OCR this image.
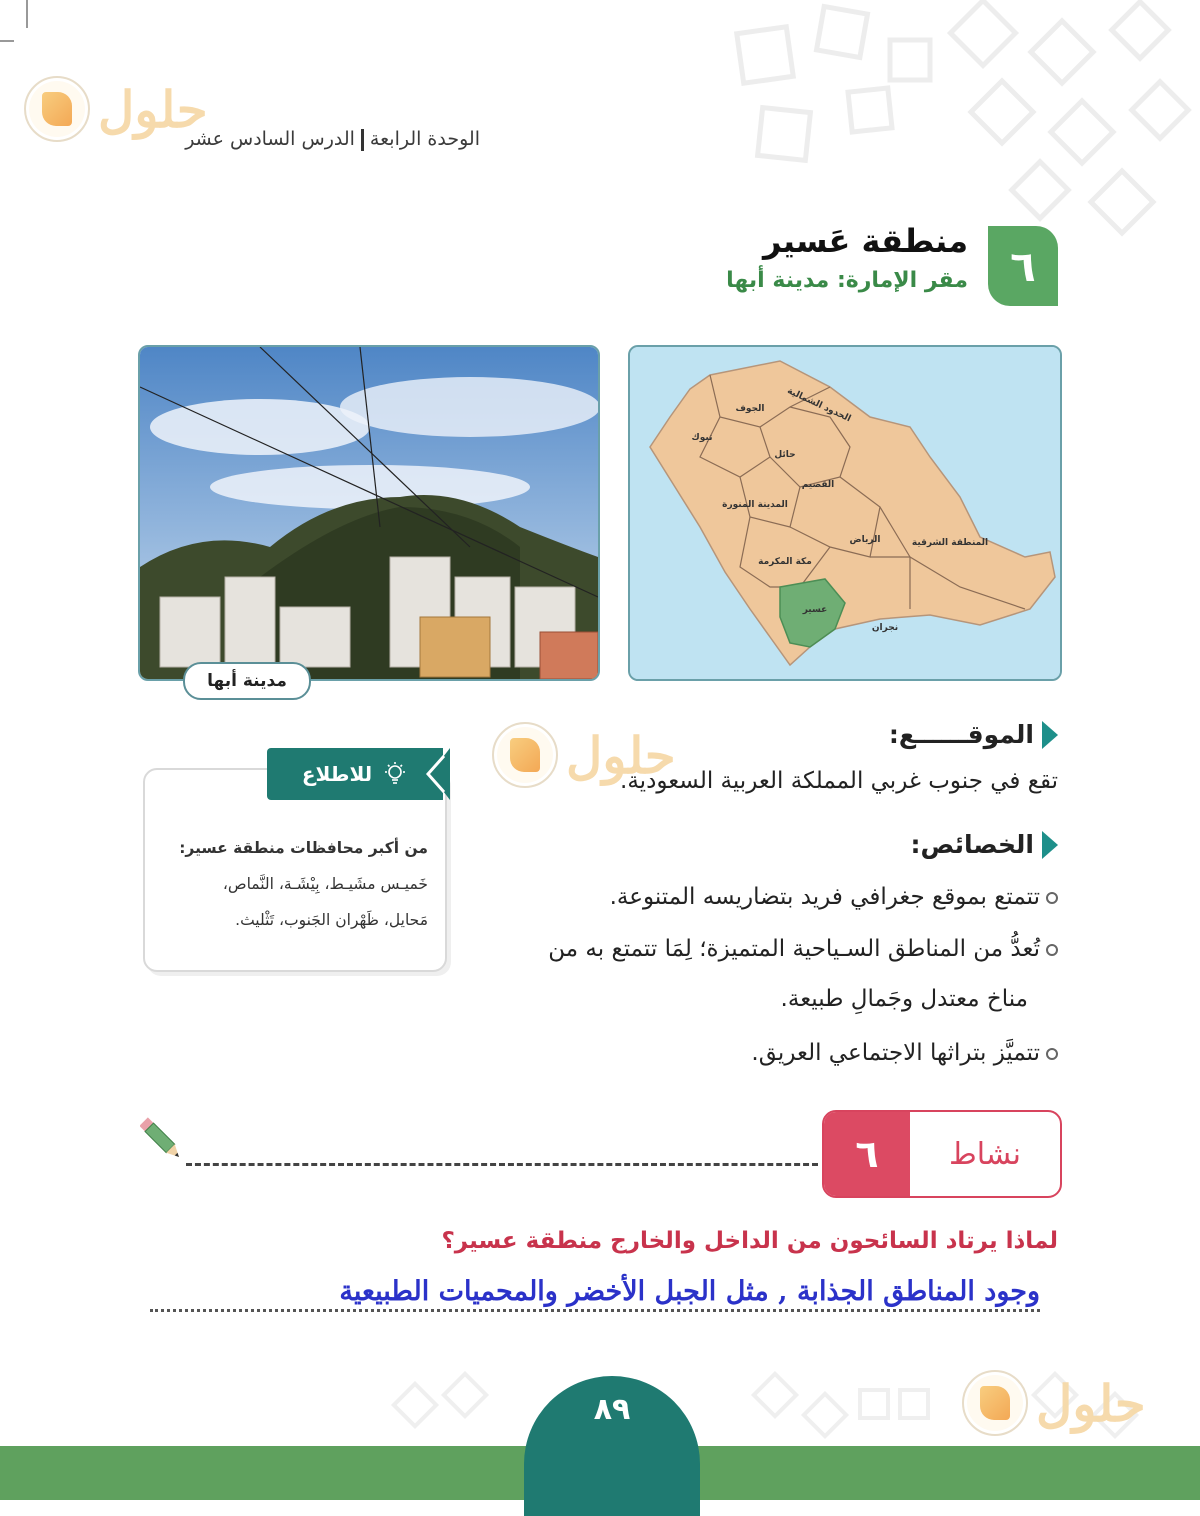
حلول
حلول
حلول
الوحدة الرابعةالدرس السادس عشر
٦
منطقة عَسير
مقر الإمارة: مدينة أبها
الجوف الحدود الشمالية
تبوك
حائل
القصيم
المدينة المنورة
الرياض	المنطقة الشرقية
مكة المكرمة
عسير
نجران
مدينة أبها
الموقــــــع:
تقع في جنوب غربي المملكة العربية السعودية.
الخصائص:
تتمتع بموقع جغرافي فريد بتضاريسه المتنوعة.
تُعدُّ من المناطق السـياحية المتميزة؛ لِمَا تتمتع به من
مناخ معتدل وجَمالِ طبيعة.
تتميَّز بتراثها الاجتماعي العريق.
للاطلاع
من أكبر محافظات منطقة عسير:
خَميـس مشَيـط، بِيْشَـة، النَّماص،
مَحايل، ظَهْران الجَنوب، تَثْليث.
٦	نشاط
لماذا يرتاد السائحون من الداخل والخارج منطقة عسير؟
وجود المناطق الجذابة , مثل الجبل الأخضر والمحميات الطبيعية
٨٩
